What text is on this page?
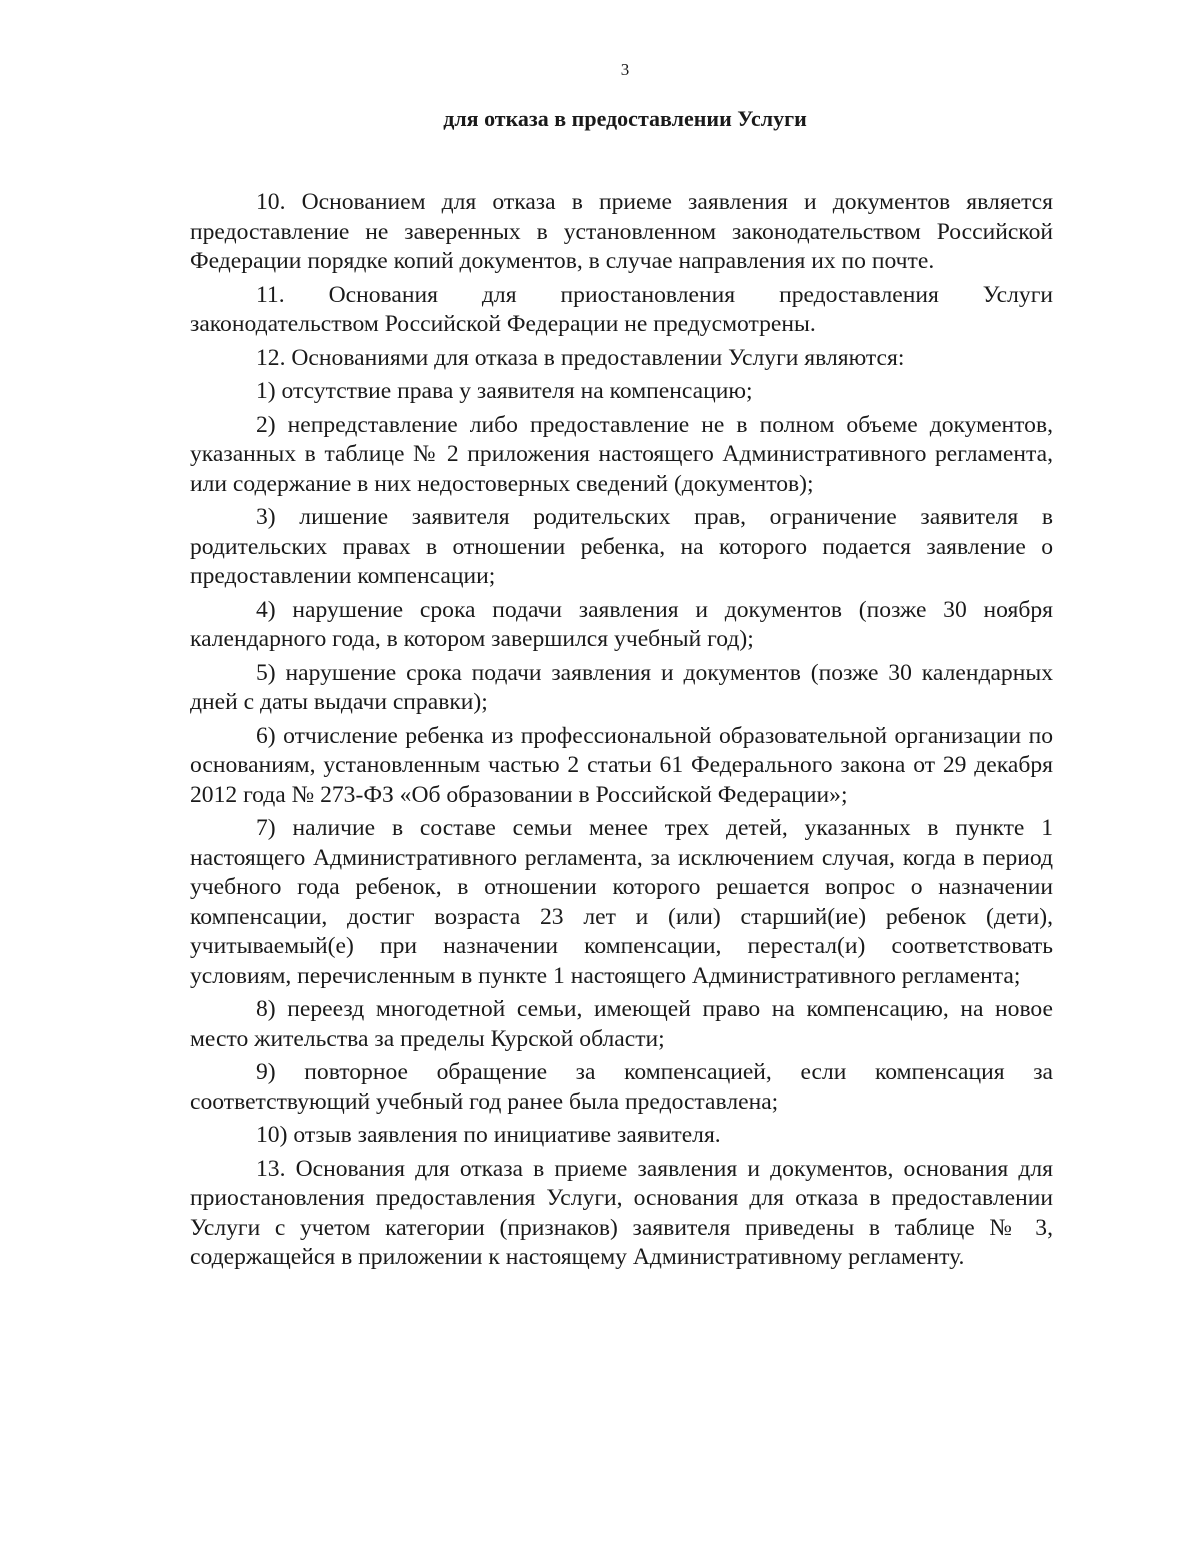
3
для отказа в предоставлении Услуги

10. Основанием для отказа в приеме заявления и документов является предоставление не заверенных в установленном законодательством Российской Федерации порядке копий документов, в случае направления их по почте.

11. Основания для приостановления предоставления Услуги законодательством Российской Федерации не предусмотрены.

12. Основаниями для отказа в предоставлении Услуги являются:

1) отсутствие права у заявителя на компенсацию;

2) непредставление либо предоставление не в полном объеме документов, указанных в таблице № 2 приложения настоящего Административного регламента, или содержание в них недостоверных сведений (документов);

3) лишение заявителя родительских прав, ограничение заявителя в родительских правах в отношении ребенка, на которого подается заявление о предоставлении компенсации;

4) нарушение срока подачи заявления и документов (позже 30 ноября календарного года, в котором завершился учебный год);

5) нарушение срока подачи заявления и документов (позже 30 календарных дней с даты выдачи справки);

6) отчисление ребенка из профессиональной образовательной организации по основаниям, установленным частью 2 статьи 61 Федерального закона от 29 декабря 2012 года № 273-ФЗ «Об образовании в Российской Федерации»;

7) наличие в составе семьи менее трех детей, указанных в пункте 1 настоящего Административного регламента, за исключением случая, когда в период учебного года ребенок, в отношении которого решается вопрос о назначении компенсации, достиг возраста 23 лет и (или) старший(ие) ребенок (дети), учитываемый(е) при назначении компенсации, перестал(и) соответствовать условиям, перечисленным в пункте 1 настоящего Административного регламента;

8) переезд многодетной семьи, имеющей право на компенсацию, на новое место жительства за пределы Курской области;

9) повторное обращение за компенсацией, если компенсация за соответствующий учебный год ранее была предоставлена;

10) отзыв заявления по инициативе заявителя.

13. Основания для отказа в приеме заявления и документов, основания для приостановления предоставления Услуги, основания для отказа в предоставлении Услуги с учетом категории (признаков) заявителя приведены в таблице № 3, содержащейся в приложении к настоящему Административному регламенту.
